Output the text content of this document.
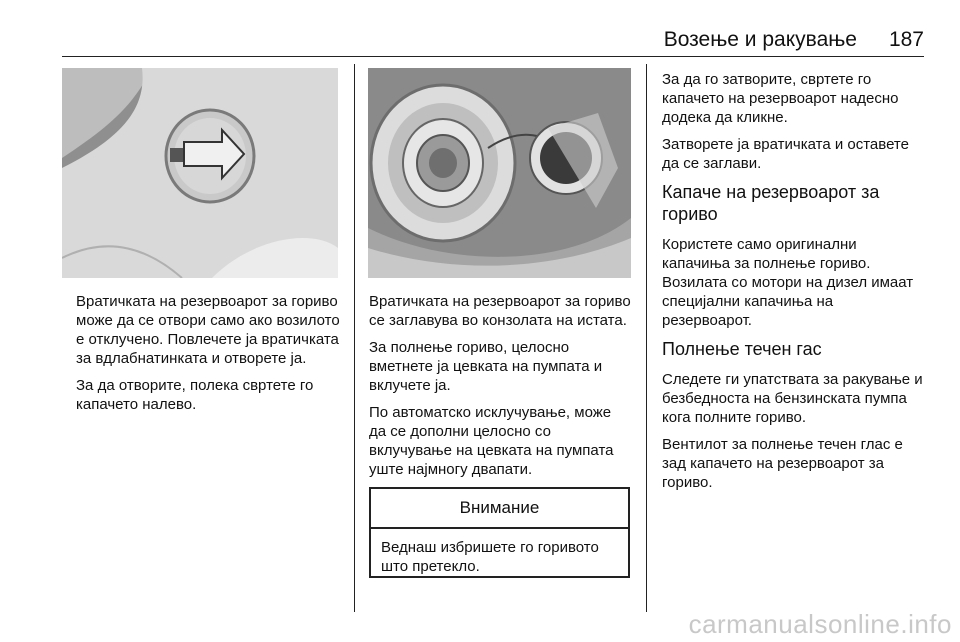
Возење и ракување 187

Вратичката на резервоарот за гориво може да се отвори само ако возилото е отклучено. Повлечете ја вратичката за вдлабнатинката и отворете ја.

За да отворите, полека свртете го капачето налево.

Вратичката на резервоарот за гориво се заглавува во конзолата на истата.

За полнење гориво, целосно вметнете ја цевката на пумпата и вклучете ја.

По автоматско исклучување, може да се дополни целосно со вклучување на цевката на пумпата уште најмногу двапати.

Внимание
Веднаш избришете го горивото што претекло.

За да го затворите, свртете го капачето на резервоарот надесно додека да кликне.

Затворете ја вратичката и оставете да се заглави.

Капаче на резервоарот за гориво

Користете само оригинални капачиња за полнење гориво. Возилата со мотори на дизел имаат специјални капачиња на резервоарот.

Полнење течен гас

Следете ги упатствата за ракување и безбедноста на бензинската пумпа кога полните гориво.

Вентилот за полнење течен глас е зад капачето на резервоарот за гориво.

carmanualsonline.info
